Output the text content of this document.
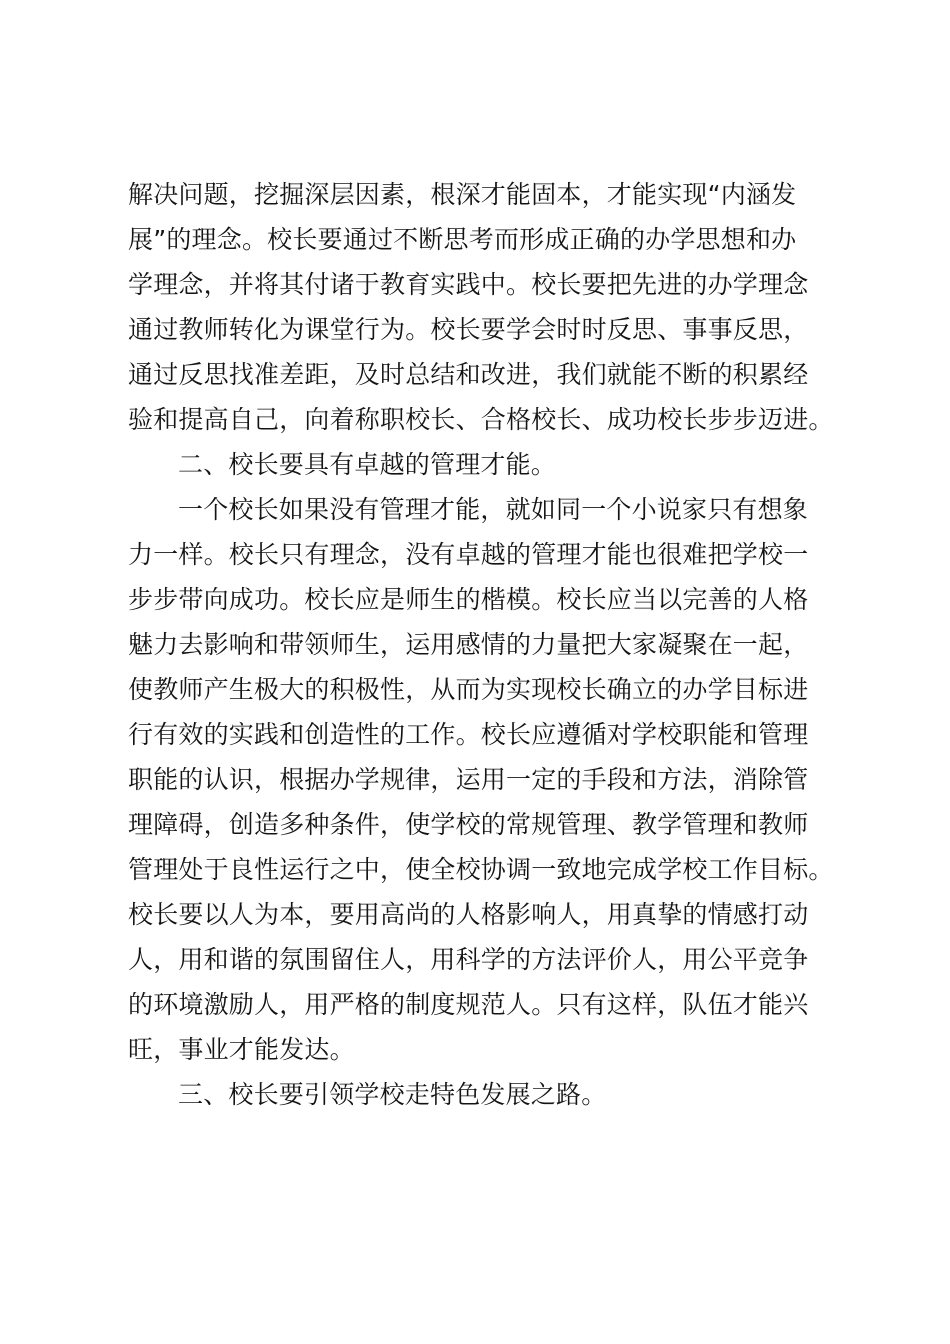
解决问题，挖掘深层因素，根深才能固本，才能实现“内涵发
展”的理念。校长要通过不断思考而形成正确的办学思想和办
学理念，并将其付诸于教育实践中。校长要把先进的办学理念
通过教师转化为课堂行为。校长要学会时时反思、事事反思，
通过反思找准差距，及时总结和改进，我们就能不断的积累经
验和提高自己，向着称职校长、合格校长、成功校长步步迈进。
二、校长要具有卓越的管理才能。
一个校长如果没有管理才能，就如同一个小说家只有想象
力一样。校长只有理念，没有卓越的管理才能也很难把学校一
步步带向成功。校长应是师生的楷模。校长应当以完善的人格
魅力去影响和带领师生，运用感情的力量把大家凝聚在一起，
使教师产生极大的积极性，从而为实现校长确立的办学目标进
行有效的实践和创造性的工作。校长应遵循对学校职能和管理
职能的认识，根据办学规律，运用一定的手段和方法，消除管
理障碍，创造多种条件，使学校的常规管理、教学管理和教师
管理处于良性运行之中，使全校协调一致地完成学校工作目标。
校长要以人为本，要用高尚的人格影响人，用真挚的情感打动
人，用和谐的氛围留住人，用科学的方法评价人，用公平竞争
的环境激励人，用严格的制度规范人。只有这样，队伍才能兴
旺，事业才能发达。
三、校长要引领学校走特色发展之路。
